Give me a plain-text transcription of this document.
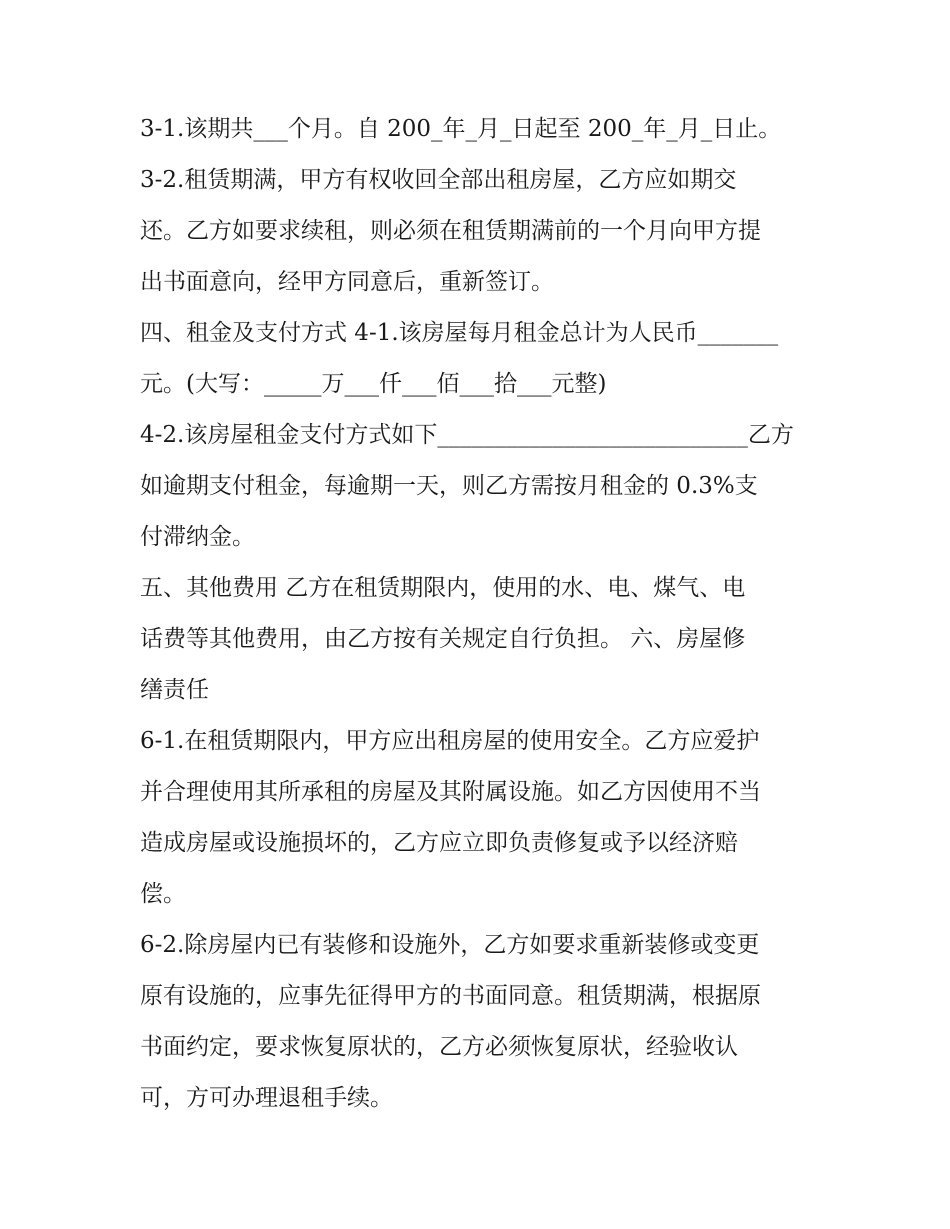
3-1.该期共___个月。自 200_年_月_日起至 200_年_月_日止。
3-2.租赁期满，甲方有权收回全部出租房屋，乙方应如期交
还。乙方如要求续租，则必须在租赁期满前的一个月向甲方提
出书面意向，经甲方同意后，重新签订。
四、租金及支付方式 4-1.该房屋每月租金总计为人民币_______
元。(大写：_____万___仟___佰___拾___元整)
4-2.该房屋租金支付方式如下___________________________乙方
如逾期支付租金，每逾期一天，则乙方需按月租金的 0.3%支
付滞纳金。
五、其他费用 乙方在租赁期限内，使用的水、电、煤气、电
话费等其他费用，由乙方按有关规定自行负担。 六、房屋修
缮责任
6-1.在租赁期限内，甲方应出租房屋的使用安全。乙方应爱护
并合理使用其所承租的房屋及其附属设施。如乙方因使用不当
造成房屋或设施损坏的，乙方应立即负责修复或予以经济赔
偿。
6-2.除房屋内已有装修和设施外，乙方如要求重新装修或变更
原有设施的，应事先征得甲方的书面同意。租赁期满，根据原
书面约定，要求恢复原状的，乙方必须恢复原状，经验收认
可，方可办理退租手续。
